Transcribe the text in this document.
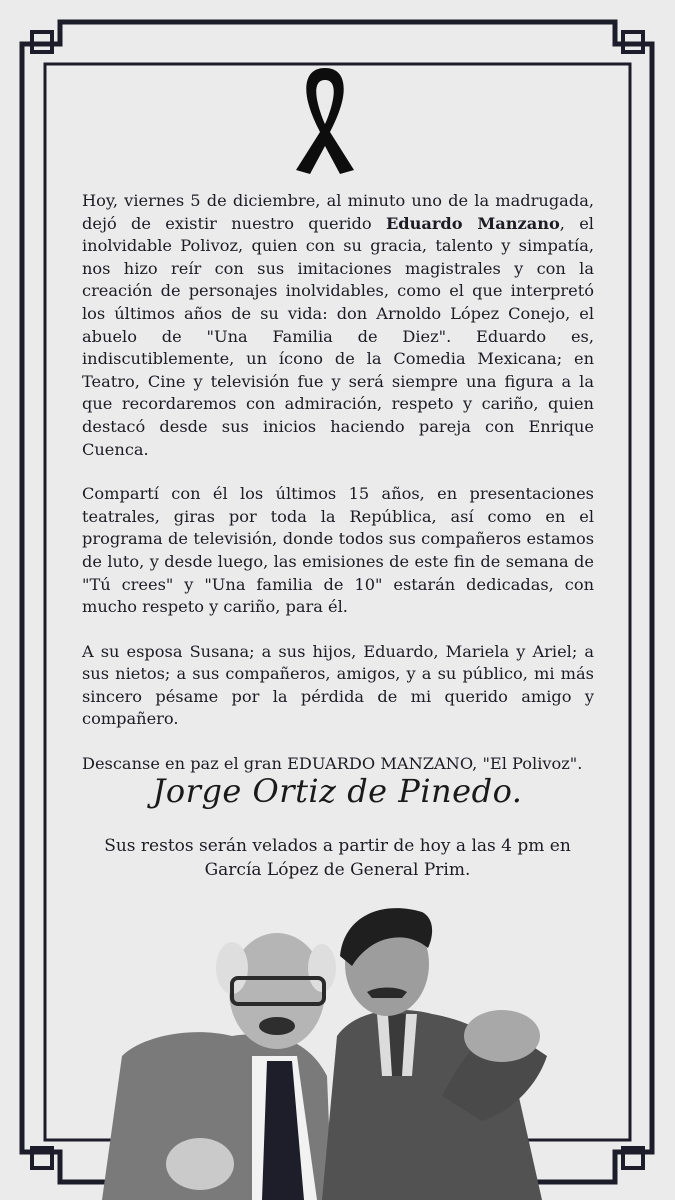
Hoy, viernes 5 de diciembre, al minuto uno de la madrugada, dejó de existir nuestro querido Eduardo Manzano, el inolvidable Polivoz, quien con su gracia, talento y simpatía, nos hizo reír con sus imitaciones magistrales y con la creación de personajes inolvidables, como el que interpretó los últimos años de su vida: don Arnoldo López Conejo, el abuelo de "Una Familia de Diez". Eduardo es, indiscutiblemente, un ícono de la Comedia Mexicana; en Teatro, Cine y televisión fue y será siempre una figura a la que recordaremos con admiración, respeto y cariño, quien destacó desde sus inicios haciendo pareja con Enrique Cuenca.

Compartí con él los últimos 15 años, en presentaciones teatrales, giras por toda la República, así como en el programa de televisión, donde todos sus compañeros estamos de luto, y desde luego, las emisiones de este fin de semana de "Tú crees" y "Una familia de 10" estarán dedicadas, con mucho respeto y cariño, para él.

A su esposa Susana; a sus hijos, Eduardo, Mariela y Ariel; a sus nietos; a sus compañeros, amigos, y a su público, mi más sincero pésame por la pérdida de mi querido amigo y compañero.

Descanse en paz el gran EDUARDO MANZANO, "El Polivoz".

Jorge Ortiz de Pinedo.
Sus restos serán velados a partir de hoy a las 4 pm en
García López de General Prim.
